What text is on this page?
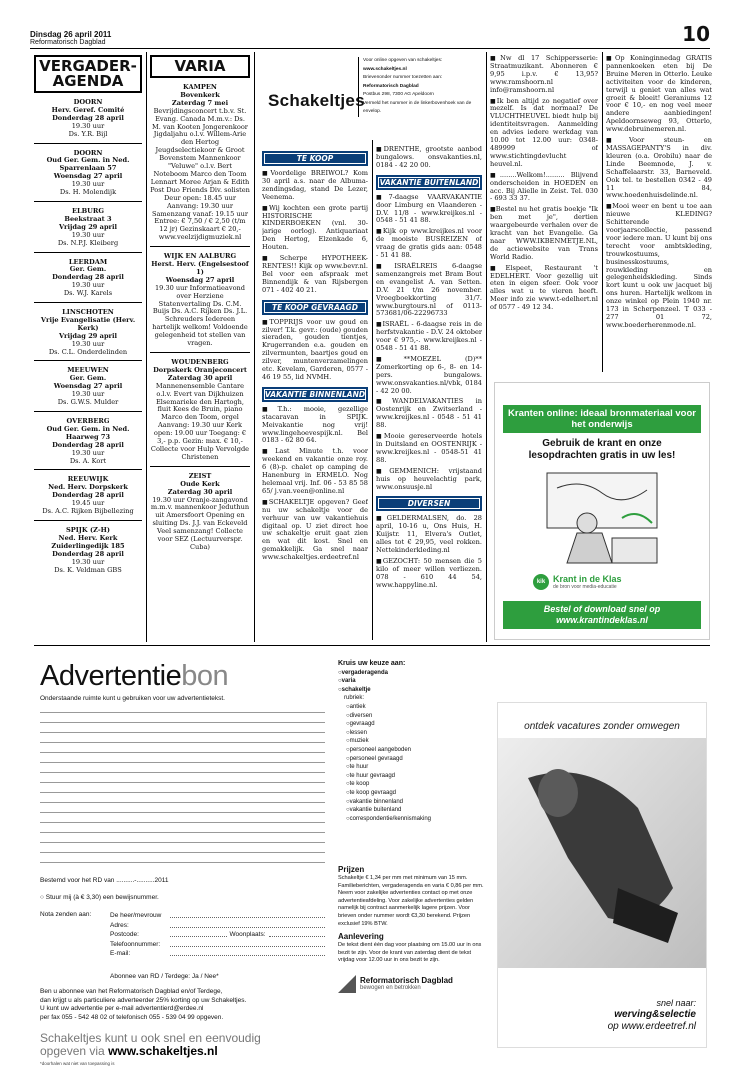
Dinsdag 26 april 2011
Reformatorisch Dagblad	10
VERGADER-AGENDA
DOORN
Herv. Geref. Comité
Donderdag 28 april
19.30 uur
Ds. Y.R. Bijl
DOORN
Oud Ger. Gem. in Ned. Sparrenlaan 57
Woensdag 27 april
19.30 uur
Ds. H. Molendijk
ELBURG
Beekstraat 3
Vrijdag 29 april
19.30 uur
Ds. N.P.J. Kleiberg
LEERDAM
Ger. Gem.
Donderdag 28 april
19.30 uur
Ds. W.J. Karels
LINSCHOTEN
Vrije Evangelisatie (Herv. Kerk)
Vrijdag 29 april
19.30 uur
Ds. C.L. Onderdelinden
MEEUWEN
Ger. Gem.
Woensdag 27 april
19.30 uur
Ds. G.W.S. Mulder
OVERBERG
Oud Ger. Gem. in Ned. Haarweg 73
Donderdag 28 april
19.30 uur
Ds. A. Kort
REEUWIJK
Ned. Herv. Dorpskerk
Donderdag 28 april
19.45 uur
Ds. A.C. Rijken Bijbellezing
SPIJK (Z-H)
Ned. Herv. Kerk Zuiderlingedijk 185
Donderdag 28 april
19.30 uur
Ds. K. Veldman GBS
VARIA
KAMPEN
Bovenkerk
Zaterdag 7 mei
Bevrijdingsconcert t.b.v. St. Evang. Canada M.m.v.: Ds. M. van Kooten Jongerenkoor Jigdaljahu o.l.v. Willem-Arie den Hertog Jeugdselectiekoor & Groot Bovenstem Mannenkoor "Veluwe" o.l.v. Bert Noteboom Marco den Toom Lennart Moree Arjan & Edith Post Duo Friends Div. solisten Deur open: 18.45 uur Aanvang: 19.30 uur Samenzang vanaf: 19.15 uur Entree: € 7,50 / € 2,50 (t/m 12 jr) Gezinskaart € 20,- www.veelzijdigmuziek.nl
WIJK EN AALBURG
Herst. Herv. (Engelsestoof 1)
Woensdag 27 april
19.30 uur Informatieavond over Herziene Statenvertaling Ds. C.M. Buijs Ds. A.C. Rijken Ds. J.L. Schreuders Iedereen hartelijk welkom! Voldoende gelegenheid tot stellen van vragen.
WOUDENBERG
Dorpskerk Oranjeconcert
Zaterdag 30 april
Mannenensemble Cantare o.l.v. Evert van Dijkhuizen Elsemarieke den Hartogh, fluit Kees de Bruin, piano Marco den Toom, orgel Aanvang: 19.30 uur Kerk open: 19.00 uur Toegang: € 3,- p.p. Gezin: max. € 10,- Collecte voor Hulp Vervolgde Christenen
ZEIST
Oude Kerk
Zaterdag 30 april
19.30 uur Oranje-zangavond m.m.v. mannenkoor Jeduthun uit Amersfoort Opening en sluiting Ds. J.J. van Eckeveld Veel samenzang! Collecte voor SEZ (Lectuurverspr. Cuba)
Schakeltjes
Voor online opgeven van schakeltjes:
www.schakeltjes.nl
Brievenonder nummer toezetten aan:
Reformatorisch Dagblad
Postbus 298, 7300 AG Apeldoorn
Vermeld het nummer in de linkerbovenhoek van de envelop.
TE KOOP

■ Voordelige BREIWOL? Kom 30 april a.s. naar de Albuma-zendingsdag, stand De Lezer, Veenema.

■ Wij kochten een grote partij HISTORISCHE KINDERBOEKEN (vnl. 30-jarige oorlog). Antiquariaat Den Hertog, Elzenkade 6, Houten.

■ Scherpe HYPOTHEEK-RENTES!! Kijk op www.bevr.nl. Bel voor een afspraak met Binnendijk & van Rijsbergen 071 - 402 40 21.

TE KOOP GEVRAAGD

■ TOPPRIJS voor uw goud en zilver! T.k. gevr.: (oude) gouden sieraden, gouden tientjes, Krugerranden e.a. gouden en zilvermunten, baartjes goud en zilver, muntenverzamelingen etc. Kevelam, Garderen, 0577 - 46 19 55, lid NVMH.

VAKANTIE BINNENLAND

■ T.h.: mooie, gezellige stacaravan in SPIJK. Meivakantie nog vrij! www.lingehoevespijk.nl. Bel 0183 - 62 80 64.

■ Last Minute t.h. voor weekend en vakantie onze roy. 6 (8)-p. chalet op camping de Hanenburg in ERMELO. Nog helemaal vrij. Inf. 06 - 53 85 58 65/ j.van.veen@online.nl

■ SCHAKELTJE opgeven? Geef nu uw schakeltje voor de verhuur van uw vakantiehuis digitaal op. U ziet direct hoe uw schakeltje eruit gaat zien en wat dit kost. Snel en gemakkelijk. Ga snel naar www.schakeltjes.erdeetref.nl

■ DRENTHE, grootste aanbod bungalows. onsvakanties.nl, 0184 - 42 20 00.

VAKANTIE BUITENLAND

■ 7-daagse VAARVAKANTIE door Limburg en Vlaanderen - D.V. 11/8 - www.kreijkes.nl - 0548 - 51 41 88.

■ Kijk op www.kreijkes.nl voor de mooiste BUSREIZEN of vraag de gratis gids aan: 0548 - 51 41 88.

■ ISRAËLREIS 6-daagse samenzangreis met Bram Bout en evangelist A. van Setten. D.V. 21 t/m 26 november. Vroegboekkorting 31/7. www.burgtours.nl of 0113-573681/06-22296733

■ ISRAËL - 6-daagse reis in de herfstvakantie - D.V. 24 oktober voor € 975,-. www.kreijkes.nl - 0548 - 51 41 88.

■ **MOEZEL (D)** Zomerkorting op 6-, 8- en 14-pers. bungalows. www.onsvakanties.nl/vbk, 0184 - 42 20 00.

■ WANDELVAKANTIES in Oostenrijk en Zwitserland - www.kreijkes.nl - 0548 - 51 41 88.

■ Mooie gereserveerde hotels in Duitsland en OOSTENRIJK - www.kreijkes.nl - 0548-51 41 88.

■ GEMMENICH: vrijstaand huis op heuvelachtig park, www.onsuusje.nl

DIVERSEN

■ GELDERMALSEN, do. 28 april, 10-16 u, Ons Huis, H. Kuijstr. 11, Elvera's Outlet, alles tot € 29,95, veel rokken. Nettekinderkleding.nl

■ GEZOCHT: 50 mensen die 5 kilo of meer willen verliezen. 078 - 610 44 54, www.happyline.nl.

■ Nw dl 17 Schippersserie: Straatmuzikant. Abonneren € 9,95 i.p.v. € 13,95? www.ramshoorn.nl info@ramshoorn.nl

■ Ik ben altijd zo negatief over mezelf. Is dat normaal? De VLUCHTHEUVEL biedt hulp bij identiteitsvragen. Aanmelding en advies iedere werkdag van 10.00 tot 12.00 uur: 0348-489999 of www.stichtingdevlucht heuvel.nl.

■ ........Welkom!......... Blijvend onderscheiden in HOEDEN en acc. Bij Alielle in Zeist. Tel. 030 - 693 33 37.

■ Bestel nu het gratis boekje "Ik ben met je", dertien waargebeurde verhalen over de kracht van het Evangelie. Ga naar WWW.IKBENMETJE.NL, de actiewebsite van Trans World Radio.

■ Elspeet, Restaurant 't EDELHERT. Voor gezellig uit eten in eigen sfeer. Ook voor alles wat u te vieren heeft. Meer info zie www.t-edelhert.nl of 0577 - 49 12 34.

■ Op Koninginnedag GRATIS pannenkoeken eten bij De Bruine Meren in Otterlo. Leuke activiteiten voor de kinderen, terwijl u geniet van alles wat groeit & bloeit! Geraniums 12 voor € 10,- en nog veel meer andere aanbiedingen! Apeldoornseweg 93, Otterlo, www.debruinemeren.nl.

■ Voor steun- en MASSAGEPANTY'S in div. kleuren (o.a. Orobilu) naar de Linde Beemnode, J. v. Schaffelaarstr. 33, Barneveld. Ook tel. te bestellen 0342 - 49 11 84, www.hoedenhuisdelinde.nl.

■ Mooi weer en bent u toe aan nieuwe KLEDING? Schitterende voorjaarscollectie, passend voor iedere man. U kunt bij ons terecht voor ambtskleding, trouwkostuums, businesskostuums, rouwkleding en gelegenheidskleding. Sinds kort kunt u ook uw jacquet bij ons huren. Hartelijk welkom in onze winkel op Plein 1940 nr. 173 in Scherpenzeel. T 033 - 277 01 72, www.boederherenmode.nl.

Kranten online: ideaal bronmateriaal voor het onderwijs
Gebruik de krant en onze lesopdrachten gratis in uw les!
kik Krant in de Klas
de bron voor media-educatie
Bestel of download snel op
www.krantindeklas.nl
Advertentiebon
Onderstaande ruimte kunt u gebruiken voor uw advertentietekst.
Bestemd voor het RD van ..........-..........2011
○ Stuur mij (à € 3,30) een bewijsnummer.
Nota zenden aan:	De heer/mevrouw
Adres:
Postcode:	Woonplaats:
Telefoonnummer:
E-mail:
Abonnee van RD / Terdege: Ja / Nee*
Ben u abonnee van het Reformatorisch Dagblad en/of Terdege,
dan krijgt u als particuliere adverteerder 25% korting op uw Schakeltjes.
U kunt uw advertentie per e-mail advertentierd@erdee.nl
per fax 055 - 542 48 02 of telefonisch 055 - 539 04 99 opgeven.
Schakeltjes kunt u ook snel en eenvoudig
opgeven via www.schakeltjes.nl
*doorhalen wat niet van toepassing is
Kruis uw keuze aan:
○ vergaderagenda
○ varia
○ schakeltje
rubriek:
○ antiek
○ diversen
○ gevraagd
○ lessen
○ muziek
○ personeel aangeboden
○ personeel gevraagd
○ te huur
○ te huur gevraagd
○ te koop
○ te koop gevraagd
○ vakantie binnenland
○ vakantie buitenland
○ correspondentie/kennismaking
Prijzen
Schakeltje € 1,34 per mm met minimum van 15 mm. Familieberichten, vergaderagenda en varia € 0,86 per mm. Neem voor zakelijke advertenties contact op met onze advertentieafdeling. Voor zakelijke advertenties gelden namelijk bij contract aanmerkelijk lagere prijzen. Voor brieven onder nummer wordt €3,30 berekend. Prijzen exclusief 19% BTW.
Aanlevering
De tekst dient één dag voor plaatsing om 15.00 uur in ons bezit te zijn. Voor de krant van zaterdag dient de tekst vrijdag voor 12.00 uur in ons bezit te zijn.
Reformatorisch Dagblad
bewogen en betrokken
ontdek vacatures zonder omwegen
snel naar:
werving&selectie
op www.erdeetref.nl
